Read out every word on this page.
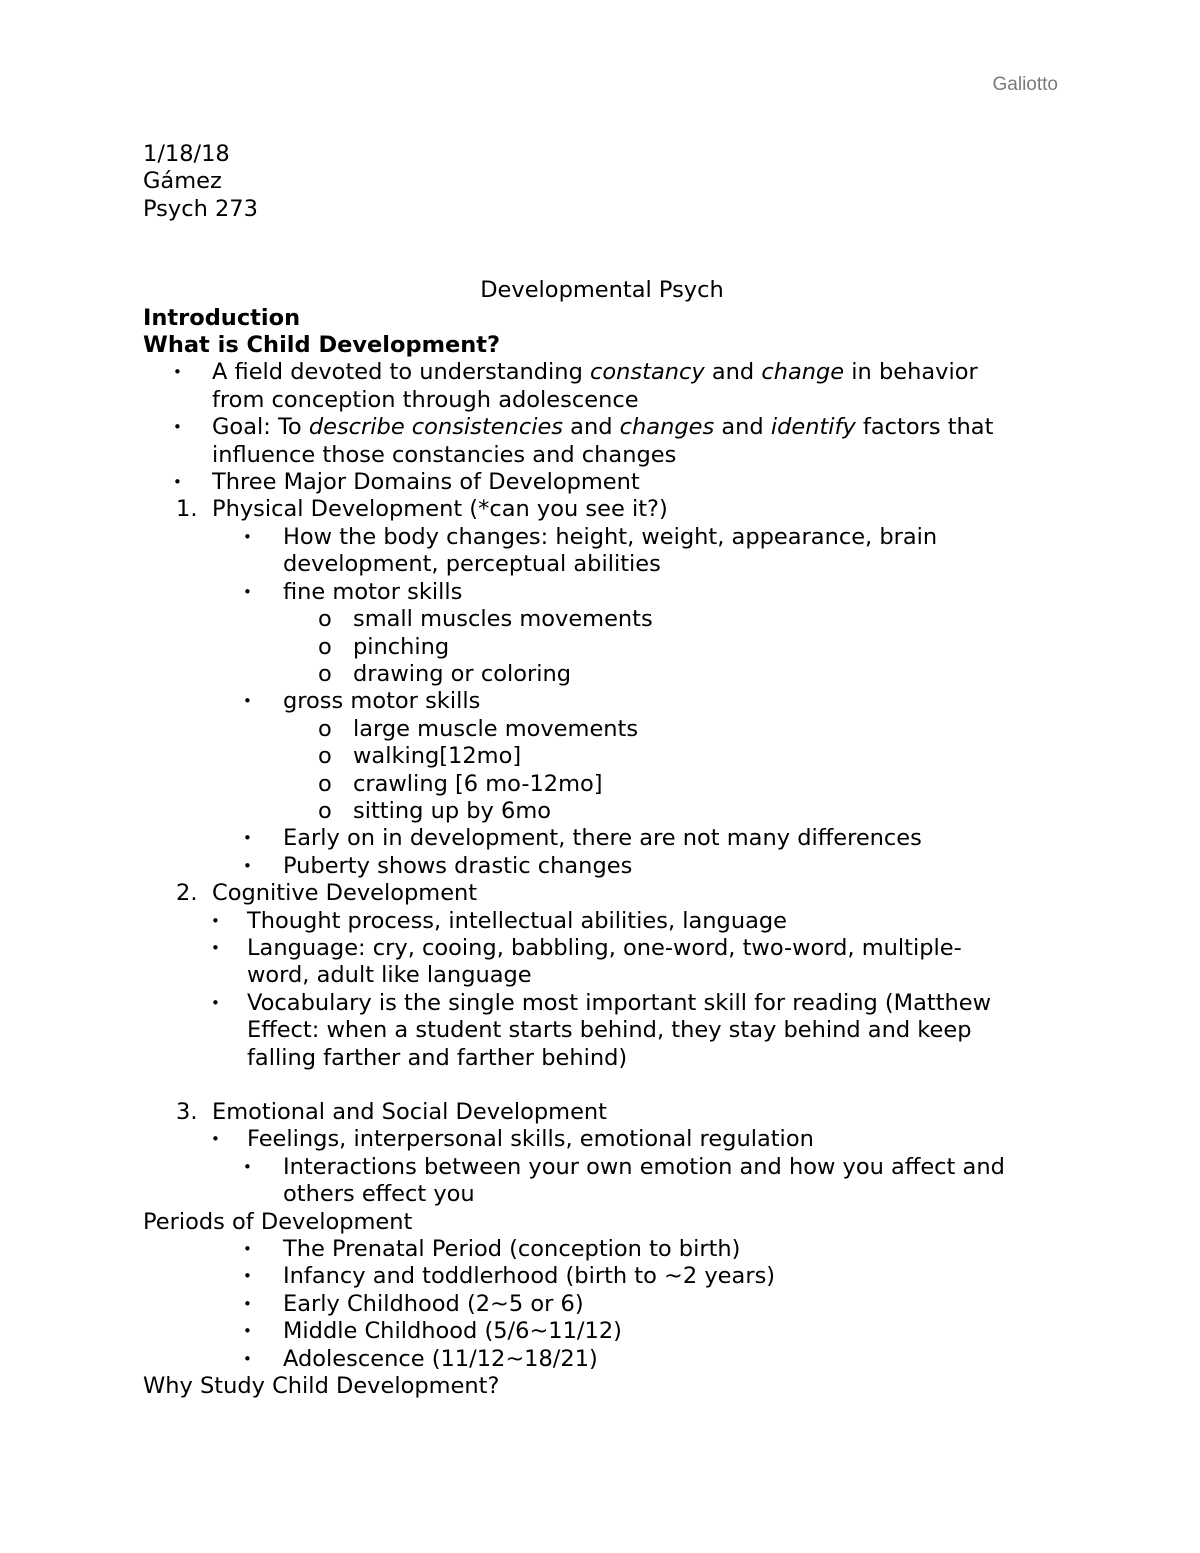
Galiotto
1/18/18
Gámez
Psych 273
Developmental Psych
Introduction
What is Child Development?
• A field devoted to understanding constancy and change in behavior
from conception through adolescence
• Goal: To describe consistencies and changes and identify factors that
influence those constancies and changes
• Three Major Domains of Development
1. Physical Development (*can you see it?)
• How the body changes: height, weight, appearance, brain
development, perceptual abilities
• fine motor skills
o small muscles movements
o pinching
o drawing or coloring
• gross motor skills
o large muscle movements
o walking[12mo]
o crawling [6 mo-12mo]
o sitting up by 6mo
• Early on in development, there are not many differences
• Puberty shows drastic changes
2. Cognitive Development
• Thought process, intellectual abilities, language
• Language: cry, cooing, babbling, one-word, two-word, multiple-
word, adult like language
• Vocabulary is the single most important skill for reading (Matthew
Effect: when a student starts behind, they stay behind and keep
falling farther and farther behind)
3. Emotional and Social Development
• Feelings, interpersonal skills, emotional regulation
• Interactions between your own emotion and how you affect and
others effect you
Periods of Development
• The Prenatal Period (conception to birth)
• Infancy and toddlerhood (birth to ~2 years)
• Early Childhood (2~5 or 6)
• Middle Childhood (5/6~11/12)
• Adolescence (11/12~18/21)
Why Study Child Development?
